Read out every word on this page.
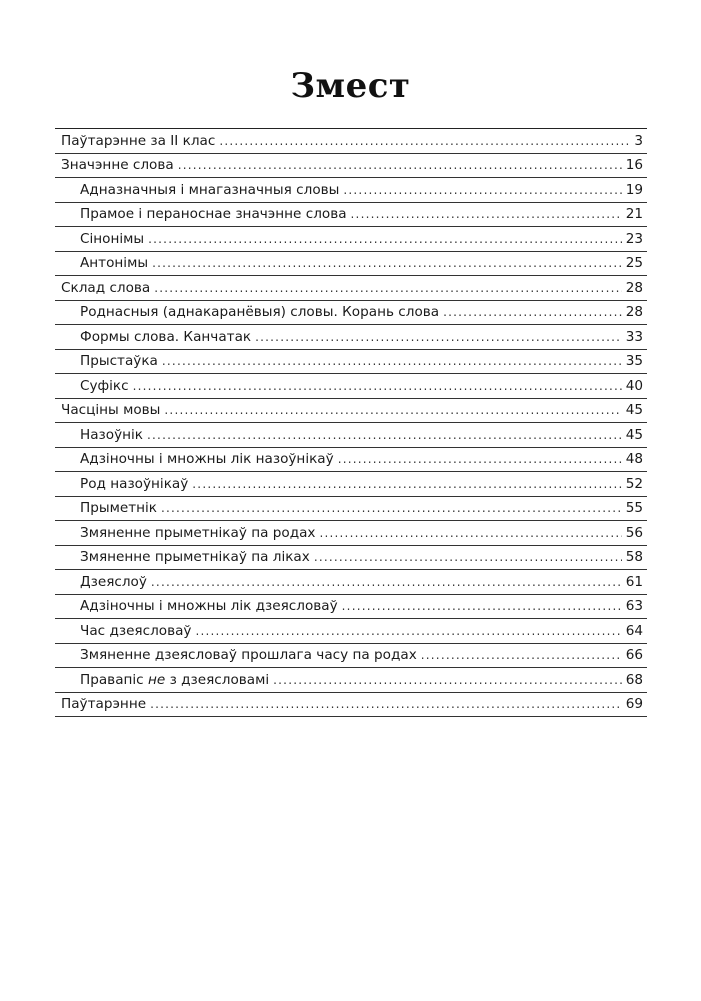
Змест
Паўтарэнне за II клас .....	3
Значэнне слова .....	16
Адназначныя і мнагазначныя словы .....	19
Прамое і пераноснае значэнне слова .....	21
Сінонімы .....	23
Антонімы .....	25
Склад слова .....	28
Роднасныя (аднакаранёвыя) словы. Корань слова .....	28
Формы слова. Канчатак .....	33
Прыстаўка .....	35
Суфікс .....	40
Часціны мовы .....	45
Назоўнік .....	45
Адзіночны і множны лік назоўнікаў .....	48
Род назоўнікаў .....	52
Прыметнік .....	55
Змяненне прыметнікаў па родах .....	56
Змяненне прыметнікаў па ліках .....	58
Дзеяслоў .....	61
Адзіночны і множны лік дзеясловаў .....	63
Час дзеясловаў .....	64
Змяненне дзеясловаў прошлага часу па родах .....	66
Правапіс не з дзеясловамі .....	68
Паўтарэнне .....	69
